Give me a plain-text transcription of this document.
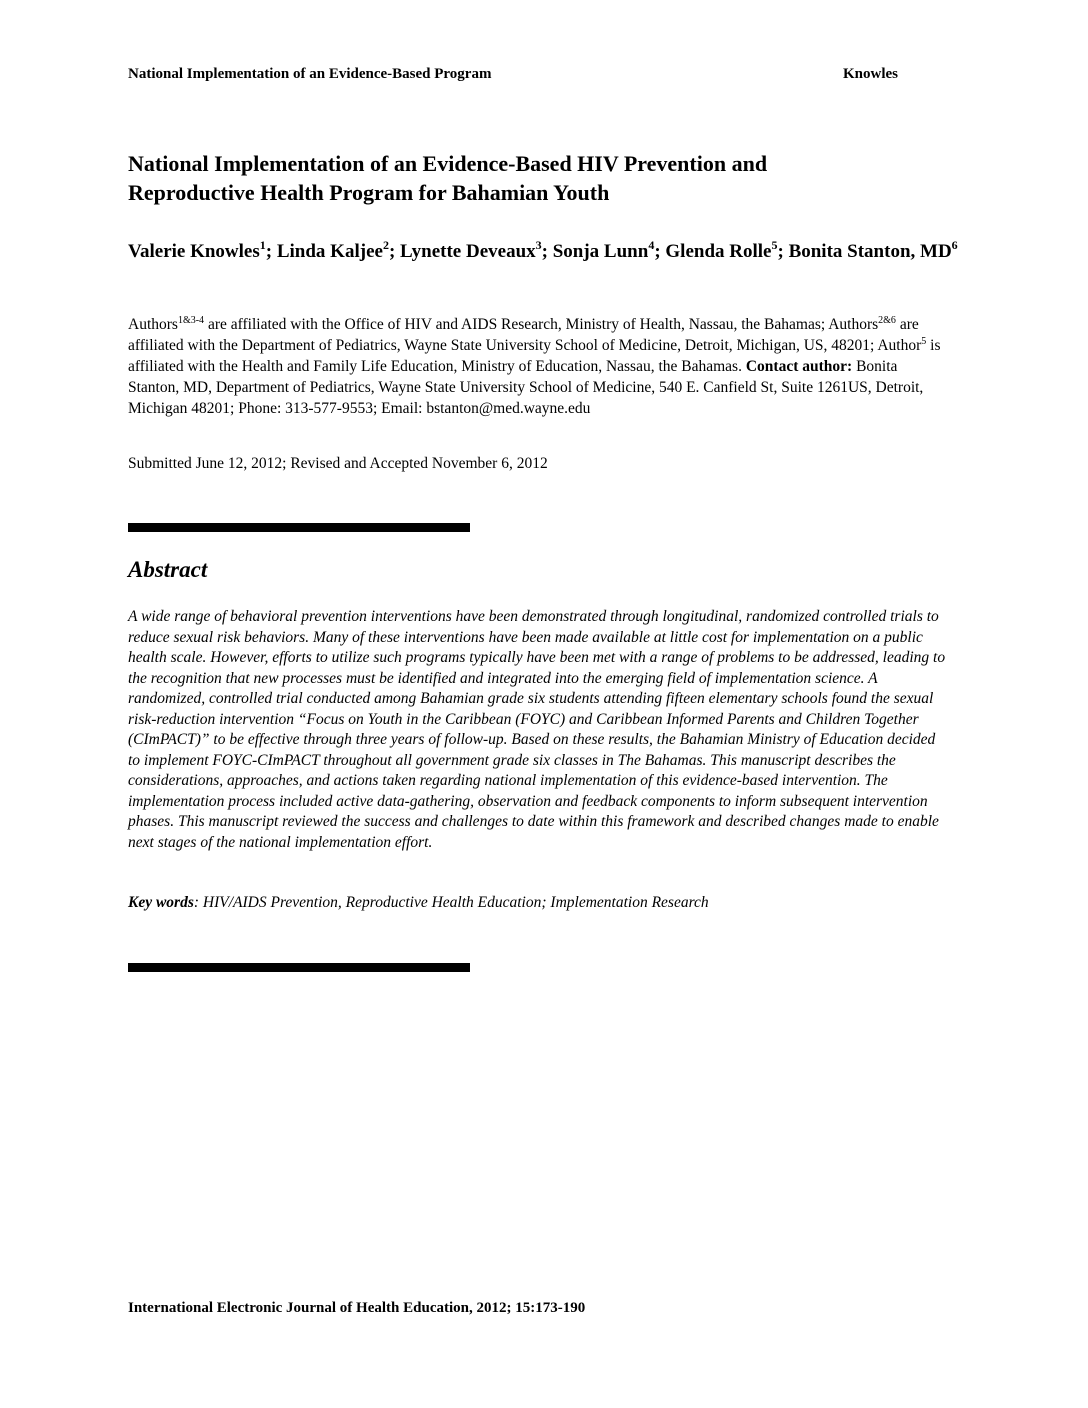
National Implementation of an Evidence-Based Program	Knowles
National Implementation of an Evidence-Based HIV Prevention and
Reproductive Health Program for Bahamian Youth

Valerie Knowles$^1$; Linda Kaljee$^2$; Lynette Deveaux$^3$; Sonja Lunn$^4$; Glenda Rolle$^5$; Bonita Stanton, $MD^6$

Authors$^{1\&3-4}$ are affiliated with the Office of HIV and AIDS Research, Ministry of Health, Nassau, the Bahamas; Authors$^{2\&6}$ are affiliated with the Department of Pediatrics, Wayne State University School of Medicine, Detroit, Michigan, US, 48201; Author$^5$ is affiliated with the Health and Family Life Education, Ministry of Education, Nassau, the Bahamas. Contact author: Bonita Stanton, MD, Department of Pediatrics, Wayne State University School of Medicine, 540 E. Canfield St, Suite 1261US, Detroit, Michigan 48201; Phone: 313-577-9553; Email: bstanton@med.wayne.edu

Submitted June 12, 2012; Revised and Accepted November 6, 2012

Abstract

A wide range of behavioral prevention interventions have been demonstrated through longitudinal, randomized controlled trials to reduce sexual risk behaviors. Many of these interventions have been made available at little cost for implementation on a public health scale. However, efforts to utilize such programs typically have been met with a range of problems to be addressed, leading to the recognition that new processes must be identified and integrated into the emerging field of implementation science. A randomized, controlled trial conducted among Bahamian grade six students attending fifteen elementary schools found the sexual risk-reduction intervention “Focus on Youth in the Caribbean (FOYC) and Caribbean Informed Parents and Children Together (CImPACT)” to be effective through three years of follow-up. Based on these results, the Bahamian Ministry of Education decided to implement FOYC-CImPACT throughout all government grade six classes in The Bahamas. This manuscript describes the considerations, approaches, and actions taken regarding national implementation of this evidence-based intervention. The implementation process included active data-gathering, observation and feedback components to inform subsequent intervention phases. This manuscript reviewed the success and challenges to date within this framework and described changes made to enable next stages of the national implementation effort.

Key words: HIV/AIDS Prevention, Reproductive Health Education; Implementation Research

International Electronic Journal of Health Education, 2012; 15:173-190
